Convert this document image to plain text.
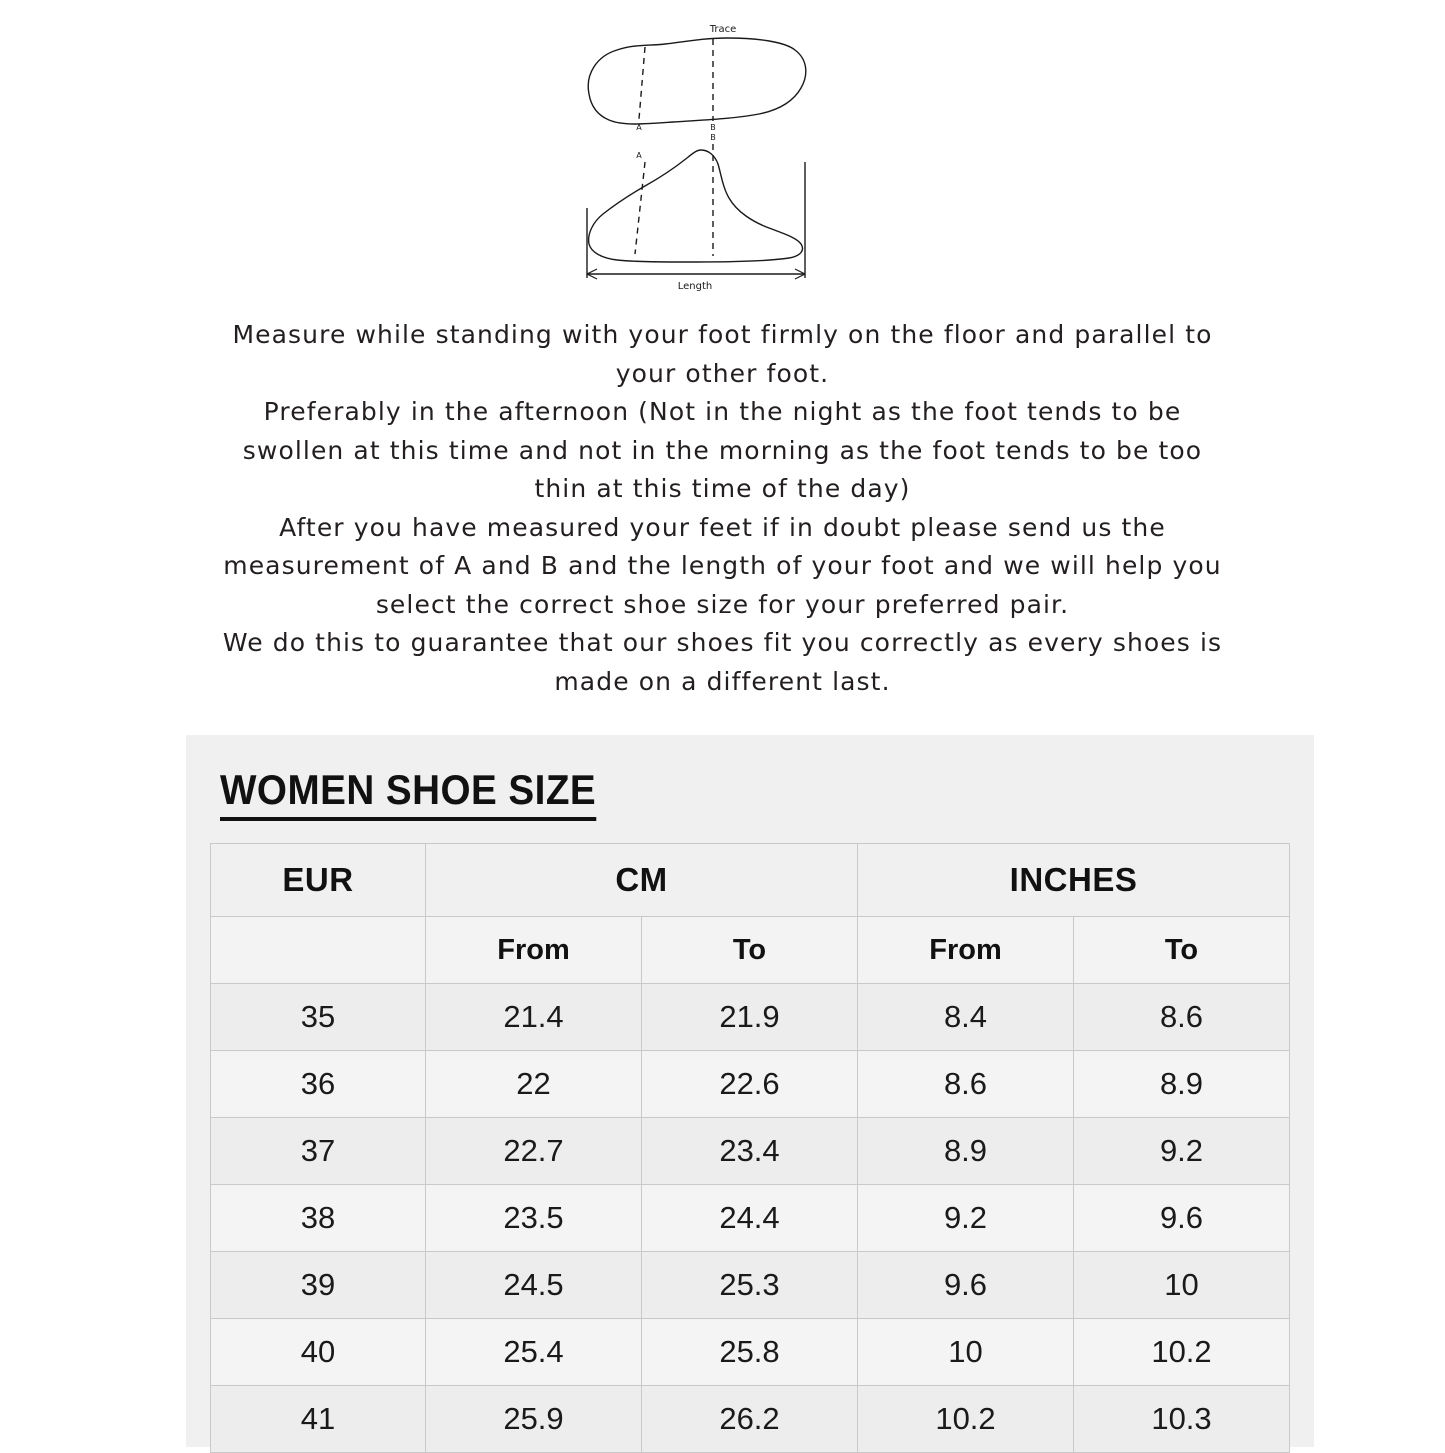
Trace
A	B
A
B
Length

Measure while standing with your foot firmly on the floor and parallel to your other foot.

Preferably in the afternoon (Not in the night as the foot tends to be swollen at this time and not in the morning as the foot tends to be too thin at this time of the day)

After you have measured your feet if in doubt please send us the measurement of A and B and the length of your foot and we will help you select the correct shoe size for your preferred pair.

We do this to guarantee that our shoes fit you correctly as every shoes is made on a different last.

WOMEN SHOE SIZE
EUR	CM		INCHES	
	From	To	From	To
35	21.4	21.9	8.4	8.6
36	22	22.6	8.6	8.9
37	22.7	23.4	8.9	9.2
38	23.5	24.4	9.2	9.6
39	24.5	25.3	9.6	10
40	25.4	25.8	10	10.2
41	25.9	26.2	10.2	10.3
